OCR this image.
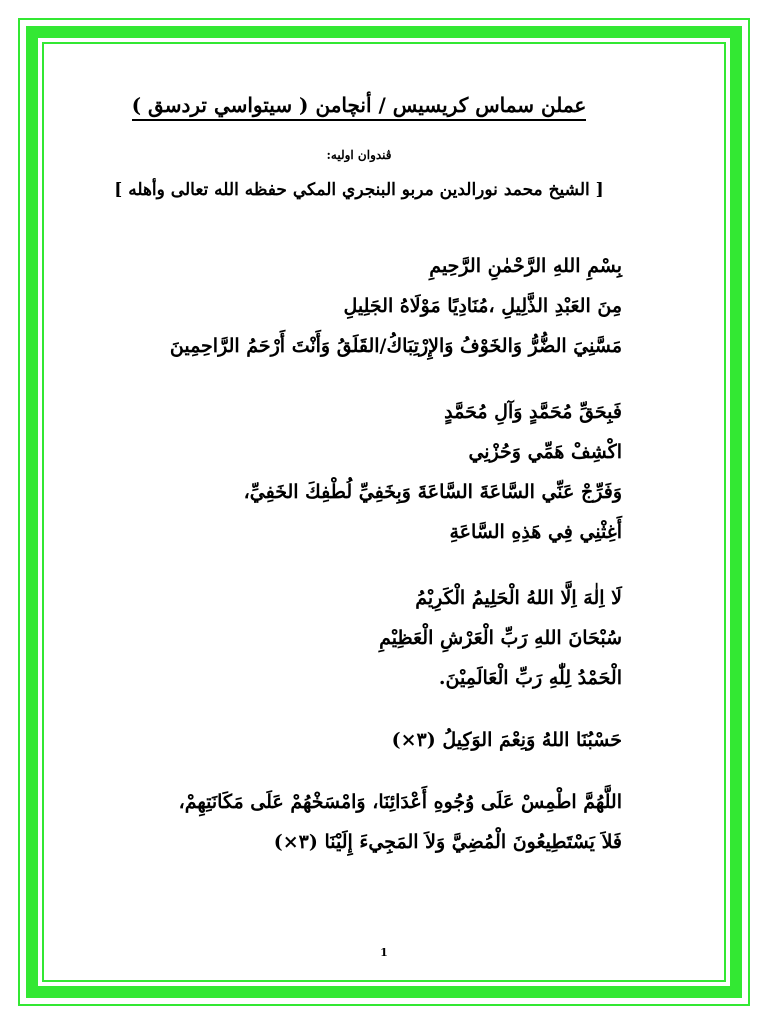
عملن سماس كريسيس / أنچامن ( سيتواسي تردسق )
ڤندوان اوليه:
[ الشيخ محمد نورالدين مربو البنجري المكي حفظه الله تعالى وأهله ]
بِسْمِ اللهِ الرَّحْمٰنِ الرَّحِيمِ
مِنَ العَبْدِ الذَّلِيلِ ،مُنَادِيًا مَوْلَاهُ الجَلِيلِ
مَسَّنِيَ الضُّرُّ وَالخَوْفُ وَالإِرْتِبَاكُ/القَلَقُ وَأَنْتَ أَرْحَمُ الرَّاحِمِينَ
فَبِحَقِّ مُحَمَّدٍ وَآلِ مُحَمَّدٍ
اكْشِفْ هَمِّي وَحُزْنِي
وَفَرِّجْ عَنِّي السَّاعَةَ السَّاعَةَ وَبِخَفِيِّ لُطْفِكَ الخَفِيِّ،
أَغِثْنِي فِي هَذِهِ السَّاعَةِ
لَا اِلٰهَ اِلَّا اللهُ الْحَلِيمُ الْكَرِيْمُ
سُبْحَانَ اللهِ رَبِّ الْعَرْشِ الْعَظِيْمِ
الْحَمْدُ لِلّٰهِ رَبِّ الْعَالَمِيْنَ.
حَسْبُنَا اللهُ وَنِعْمَ الوَكِيلُ (٣×)
اللَّهُمَّ اطْمِسْ عَلَى وُجُوهِ أَعْدَائِنَا، وَامْسَخْهُمْ عَلَى مَكَانَتِهِمْ،
فَلاَ يَسْتَطِيعُونَ الْمُضِيَّ وَلاَ المَجِيءَ إِلَيْنَا (٣×)
1
